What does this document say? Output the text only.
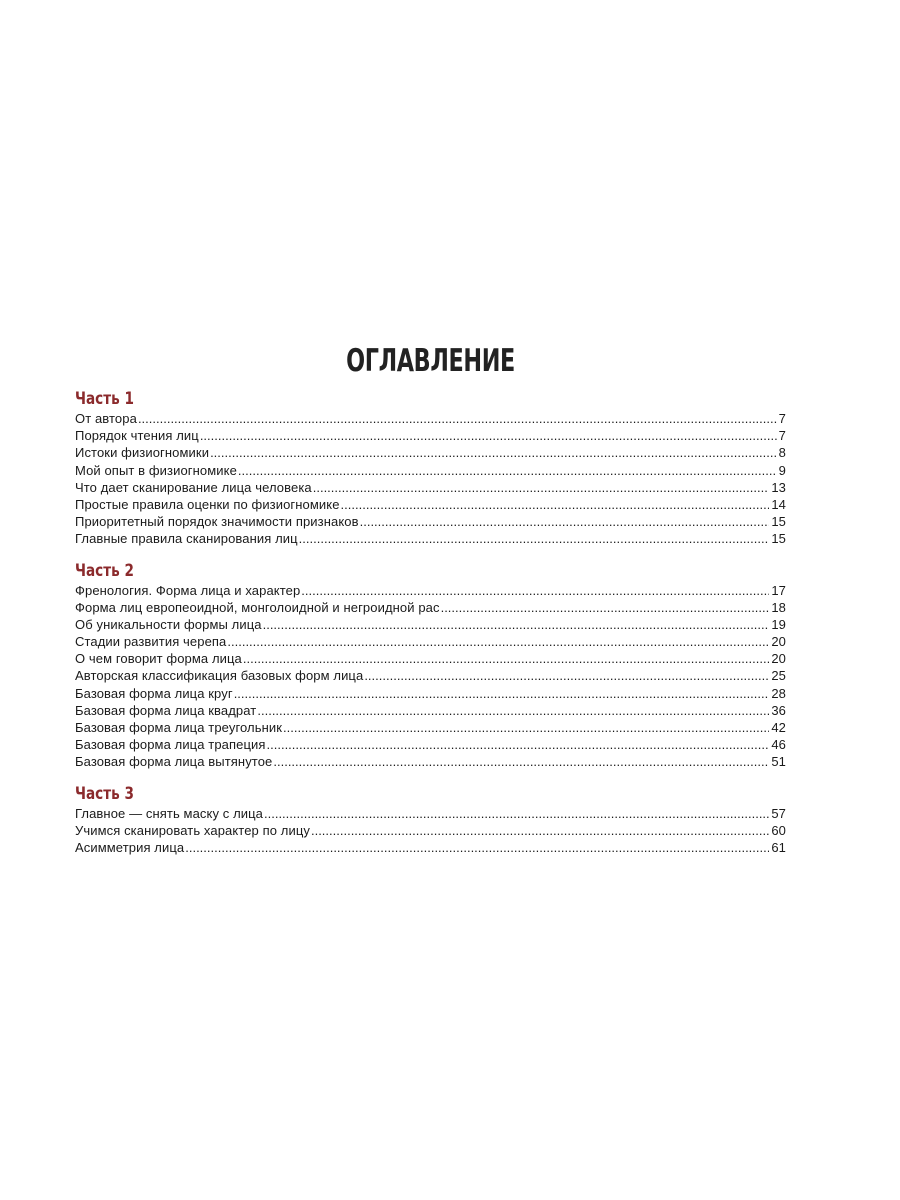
ОГЛАВЛЕНИЕ
Часть 1
От автора .....	7
Порядок чтения лиц .....	7
Истоки физиогномики .....	8
Мой опыт в физиогномике .....	9
Что дает сканирование лица человека .....	13
Простые правила оценки по физиогномике .....	14
Приоритетный порядок значимости признаков .....	15
Главные правила сканирования лиц .....	15
Часть 2
Френология. Форма лица и характер .....	17
Форма лиц европеоидной, монголоидной и негроидной рас .....	18
Об уникальности формы лица .....	19
Стадии развития черепа .....	20
О чем говорит форма лица .....	20
Авторская классификация базовых форм лица .....	25
Базовая форма лица круг .....	28
Базовая форма лица квадрат .....	36
Базовая форма лица треугольник .....	42
Базовая форма лица трапеция .....	46
Базовая форма лица вытянутое .....	51
Часть 3
Главное — снять маску с лица .....	57
Учимся сканировать характер по лицу .....	60
Асимметрия лица .....	61
